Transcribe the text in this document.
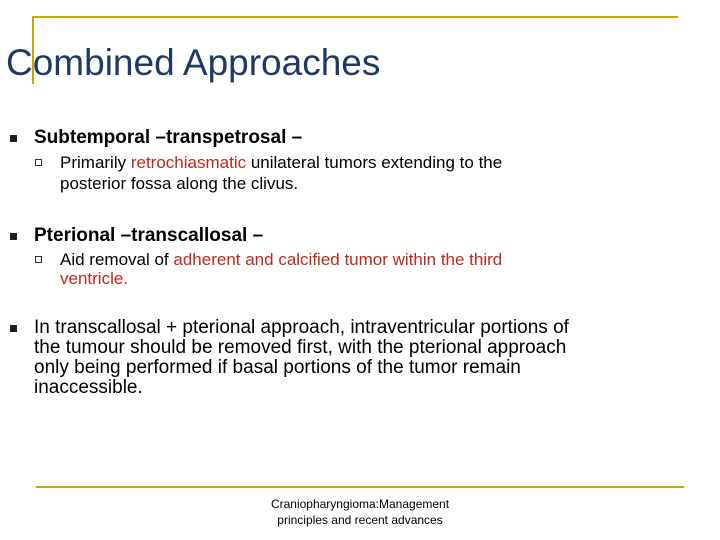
Combined Approaches
Subtemporal –transpetrosal –
Primarily retrochiasmatic unilateral tumors extending to the
posterior fossa along the clivus.
Pterional –transcallosal –
Aid removal of adherent and calcified tumor within the third
ventricle.
In transcallosal + pterional approach, intraventricular portions of
the tumour should be removed first, with the pterional approach
only being performed if basal portions of the tumor remain
inaccessible.
Craniopharyngioma:Management
principles and recent advances
